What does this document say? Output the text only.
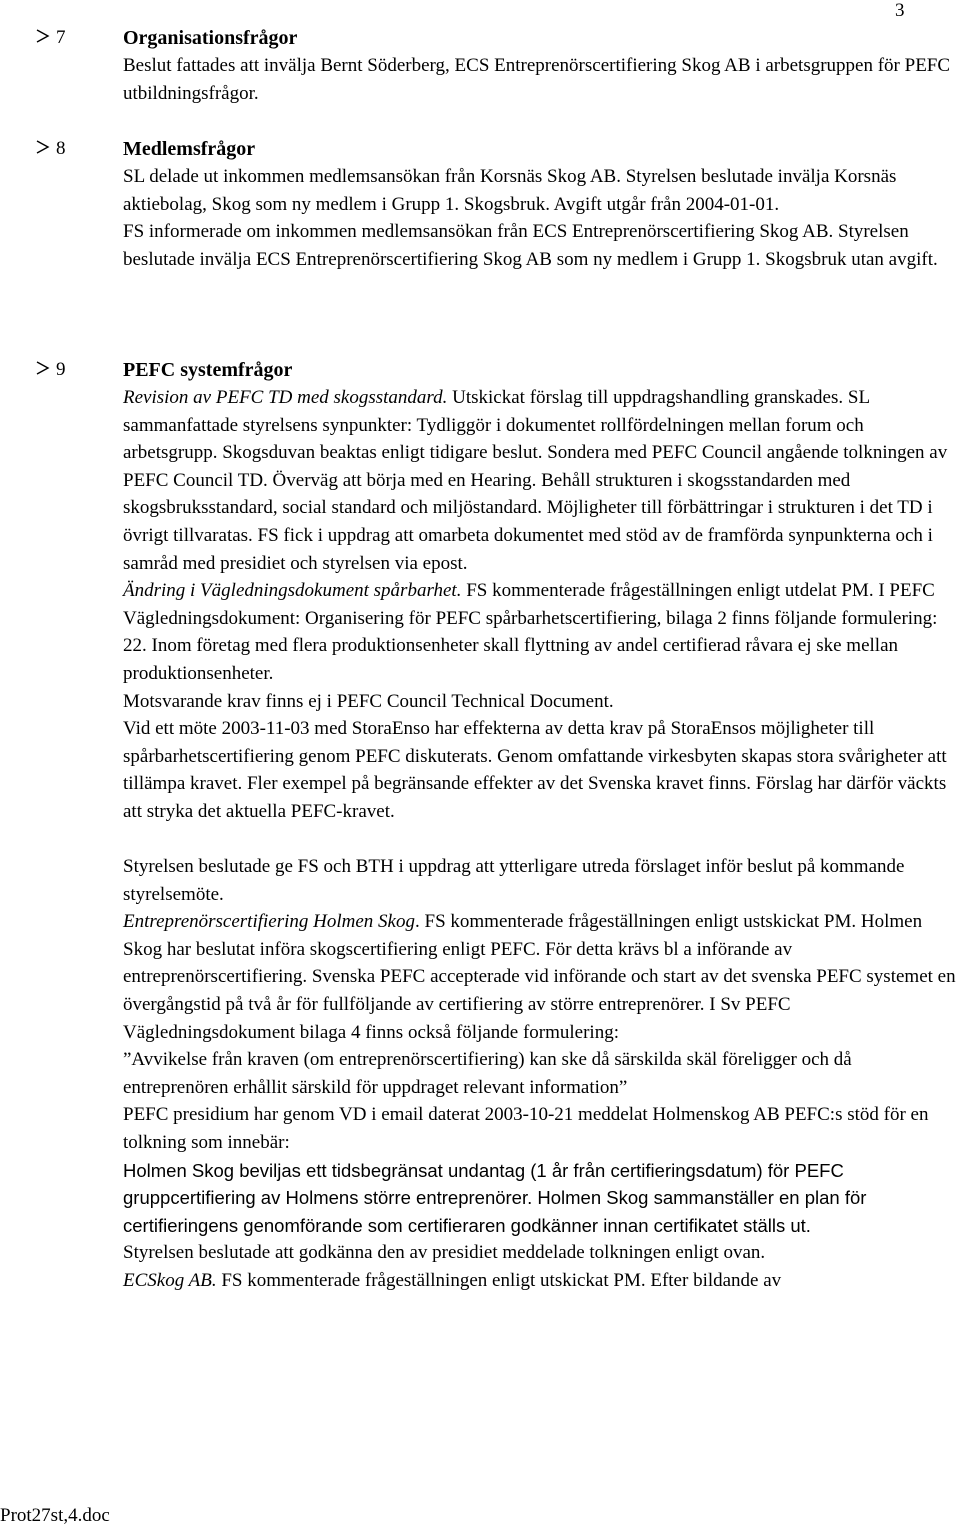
3
7	Organisationsfrågor

Beslut fattades att invälja Bernt Söderberg, ECS Entreprenörscertifiering Skog AB i arbetsgruppen för PEFC utbildningsfrågor.

8	Medlemsfrågor

SL delade ut inkommen medlemsansökan från Korsnäs Skog AB. Styrelsen beslutade invälja Korsnäs aktiebolag, Skog som ny medlem i Grupp 1. Skogsbruk. Avgift utgår från 2004-01-01.

FS informerade om inkommen medlemsansökan från ECS Entreprenörscertifiering Skog AB. Styrelsen beslutade invälja ECS Entreprenörscertifiering Skog AB som ny medlem i Grupp 1. Skogsbruk utan avgift.

9	PEFC systemfrågor

Revision av PEFC TD med skogsstandard. Utskickat förslag till uppdragshandling granskades. SL sammanfattade styrelsens synpunkter: Tydliggör i dokumentet rollfördelningen mellan forum och arbetsgrupp. Skogsduvan beaktas enligt tidigare beslut. Sondera med PEFC Council angående tolkningen av PEFC Council TD. Överväg att börja med en Hearing. Behåll strukturen i skogsstandarden med skogsbruksstandard, social standard och miljöstandard. Möjligheter till förbättringar i strukturen i det TD i övrigt tillvaratas. FS fick i uppdrag att omarbeta dokumentet med stöd av de framförda synpunkterna och i samråd med presidiet och styrelsen via epost.

Ändring i Vägledningsdokument spårbarhet. FS kommenterade frågeställningen enligt utdelat PM. I PEFC Vägledningsdokument: Organisering för PEFC spårbarhetscertifiering, bilaga 2 finns följande formulering:

22. Inom företag med flera produktionsenheter skall flyttning av andel certifierad råvara ej ske mellan produktionsenheter.

Motsvarande krav finns ej i PEFC Council Technical Document.

Vid ett möte 2003-11-03 med StoraEnso har effekterna av detta krav på StoraEnsos möjligheter till spårbarhetscertifiering genom PEFC diskuterats. Genom omfattande virkesbyten skapas stora svårigheter att tillämpa kravet. Fler exempel på begränsande effekter av det Svenska kravet finns. Förslag har därför väckts att stryka det aktuella PEFC-kravet.

Styrelsen beslutade ge FS och BTH i uppdrag att ytterligare utreda förslaget inför beslut på kommande styrelsemöte.

Entreprenörscertifiering Holmen Skog. FS kommenterade frågeställningen enligt ustskickat PM. Holmen Skog har beslutat införa skogscertifiering enligt PEFC. För detta krävs bl a införande av entreprenörscertifiering. Svenska PEFC accepterade vid införande och start av det svenska PEFC systemet en övergångstid på två år för fullföljande av certifiering av större entreprenörer. I Sv PEFC Vägledningsdokument bilaga 4 finns också följande formulering:

”Avvikelse från kraven (om entreprenörscertifiering) kan ske då särskilda skäl föreligger och då entreprenören erhållit särskild för uppdraget relevant information”

PEFC presidium har genom VD i email daterat 2003-10-21 meddelat Holmenskog AB PEFC:s stöd för en tolkning som innebär:

Holmen Skog beviljas ett tidsbegränsat undantag (1 år från certifieringsdatum) för PEFC gruppcertifiering av Holmens större entreprenörer. Holmen Skog sammanställer en plan för certifieringens genomförande som certifieraren godkänner innan certifikatet ställs ut.

Styrelsen beslutade att godkänna den av presidiet meddelade tolkningen enligt ovan.

ECSkog AB. FS kommenterade frågeställningen enligt utskickat PM. Efter bildande av

Prot27st,4.doc
